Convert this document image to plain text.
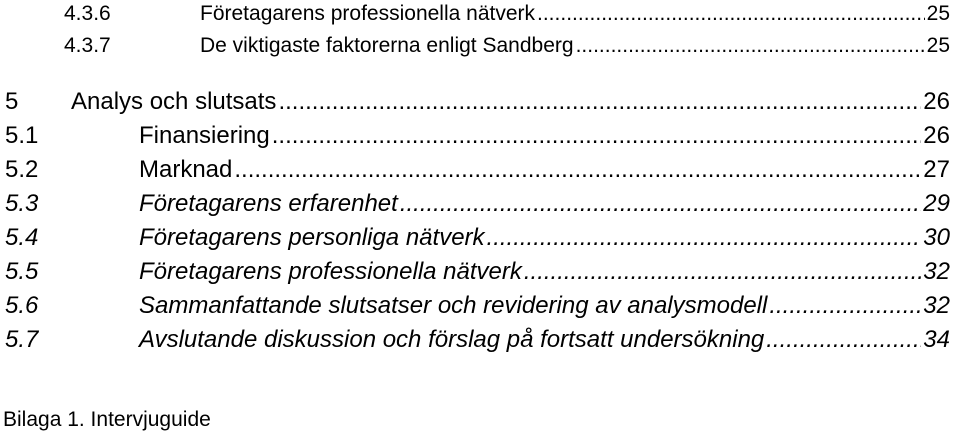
4.3.6	Företagarens professionella nätverk .....	25
4.3.7	De viktigaste faktorerna enligt Sandberg .....	25
5	Analys och slutsats .....	26
5.1	Finansiering .....	26
5.2	Marknad .....	27
5.3	Företagarens erfarenhet .....	29
5.4	Företagarens personliga nätverk .....	30
5.5	Företagarens professionella nätverk .....	32
5.6	Sammanfattande slutsatser och revidering av analysmodell .....	32
5.7	Avslutande diskussion och förslag på fortsatt undersökning .....	34
Bilaga 1. Intervjuguide
